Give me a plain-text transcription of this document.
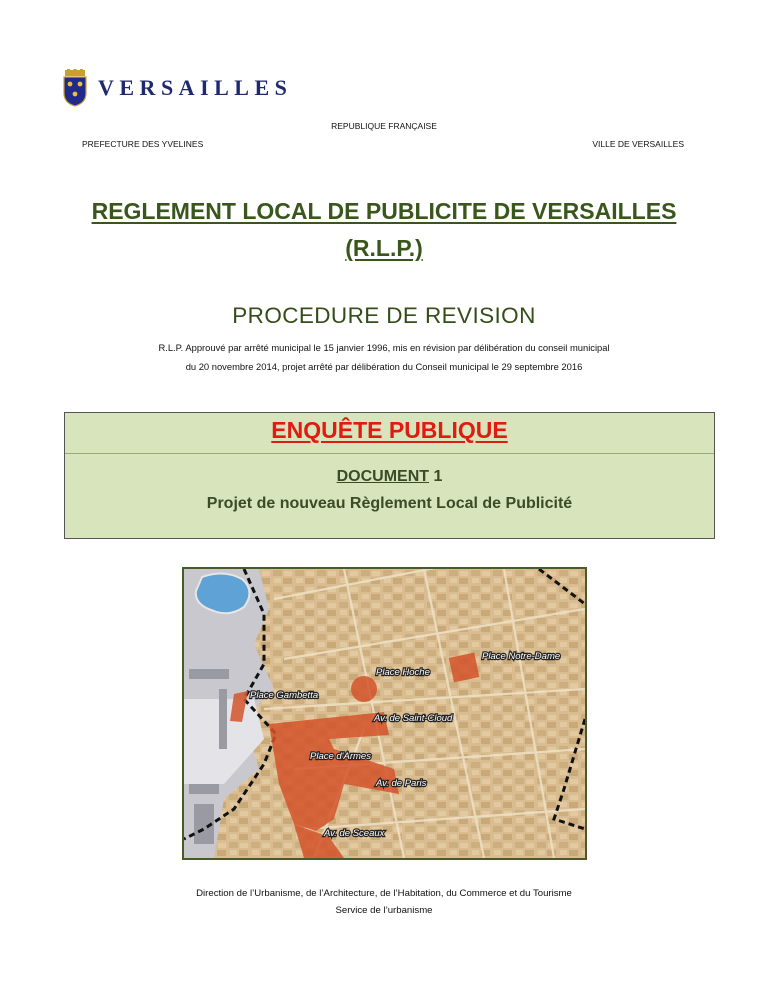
VERSAILLES
REPUBLIQUE FRANÇAISE
PREFECTURE DES YVELINES	VILLE DE VERSAILLES
REGLEMENT LOCAL DE PUBLICITE DE VERSAILLES
(R.L.P.)
PROCEDURE DE REVISION
R.L.P. Approuvé par arrêté municipal le 15 janvier 1996, mis en révision par délibération du conseil municipal
du 20 novembre 2014, projet arrêté par délibération du Conseil municipal le 29 septembre 2016
ENQUÊTE PUBLIQUE
DOCUMENT 1
Projet de nouveau Règlement Local de Publicité
Place Notre-Dame
Place Hoche
Place Gambetta
Av. de Saint-Cloud
Place d'Armes
Av. de Paris
Av. de Sceaux
Direction de l’Urbanisme, de l’Architecture, de l’Habitation, du Commerce et du Tourisme
Service de l’urbanisme
